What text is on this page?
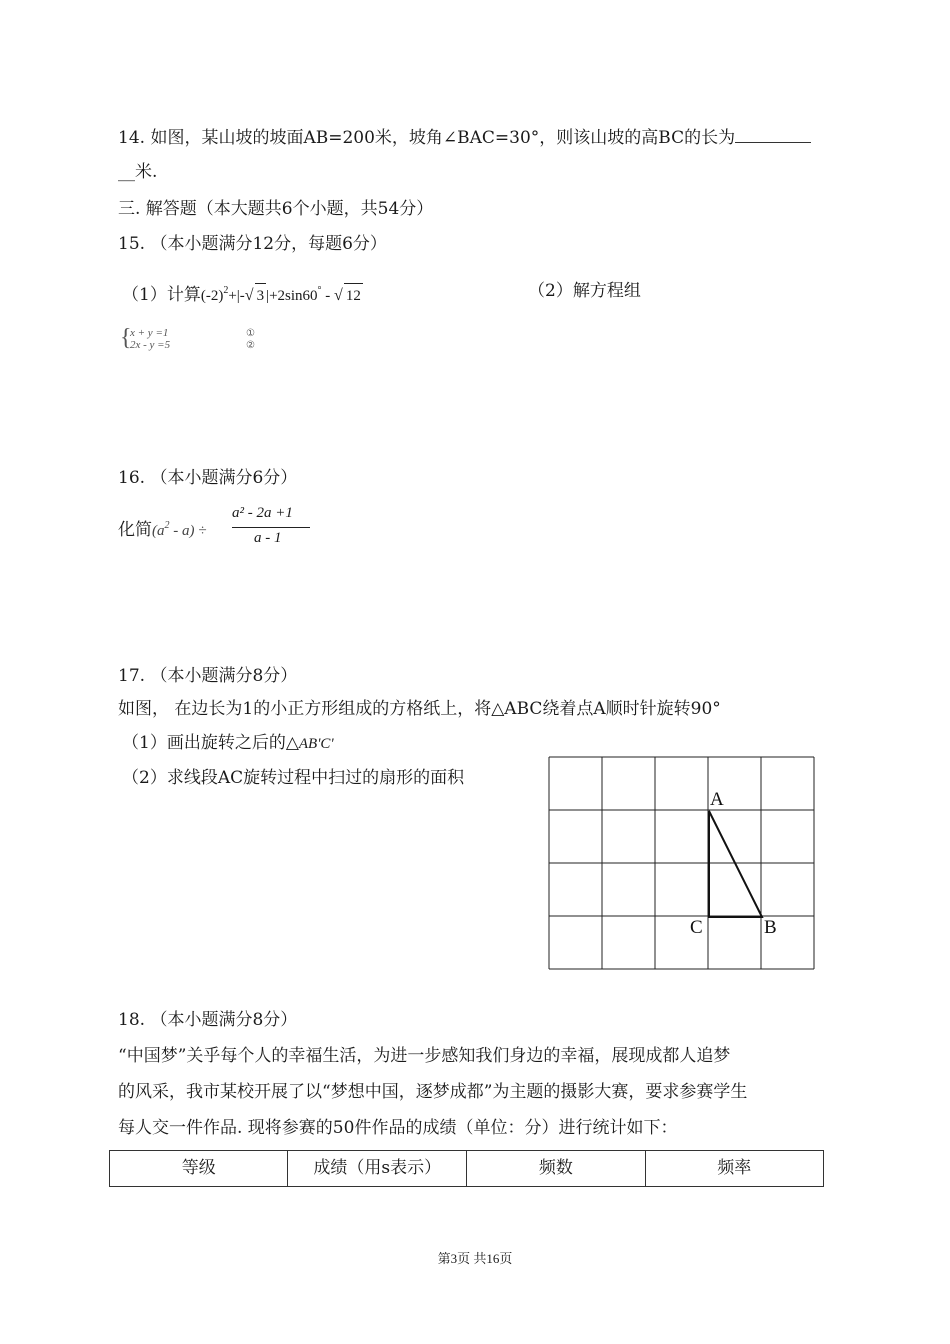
14. 如图，某山坡的坡面AB=200米，坡角∠BAC=30°，则该山坡的高BC的长为
__米.
三. 解答题（本大题共6个小题，共54分）
15. （本小题满分12分，每题6分）
（1）计算$(-2)^2+|-√$ 3 |+2sin60° - √ 12	（2）解方程组
{
x + y =1
2x - y =5
①
②
16. （本小题满分6分）
化简$(a^2 - a)$ ÷
a² - 2a +1
a - 1
17. （本小题满分8分）
如图， 在边长为1的小正方形组成的方格纸上，将△ABC绕着点A顺时针旋转90°
（1）画出旋转之后的△AB'C'
（2）求线段AC旋转过程中扫过的扇形的面积
A
C	B
18. （本小题满分8分）
“中国梦”关乎每个人的幸福生活，为进一步感知我们身边的幸福，展现成都人追梦
的风采，我市某校开展了以“梦想中国，逐梦成都”为主题的摄影大赛，要求参赛学生
每人交一件作品. 现将参赛的50件作品的成绩（单位：分）进行统计如下：
等级	成绩（用s表示）	频数	频率
第3页 共16页
